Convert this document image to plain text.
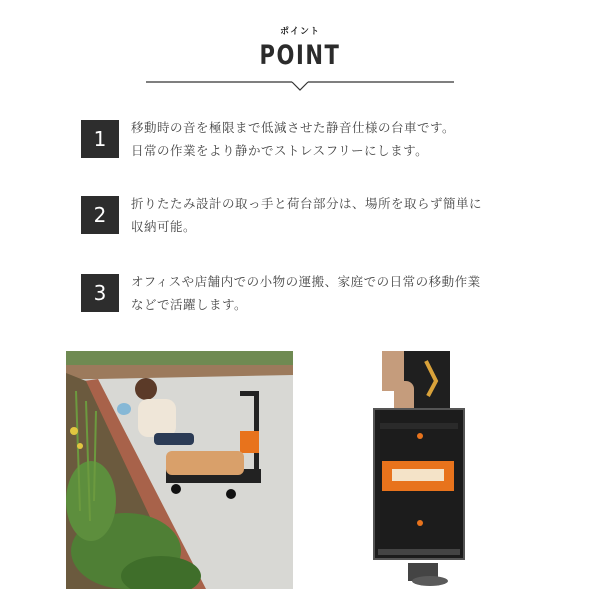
ポイント
POINT
1	移動時の音を極限まで低減させた静音仕様の台車です。
日常の作業をより静かでストレスフリーにします。
2	折りたたみ設計の取っ手と荷台部分は、場所を取らず簡単に
収納可能。
3	オフィスや店舗内での小物の運搬、家庭での日常の移動作業
などで活躍します。
